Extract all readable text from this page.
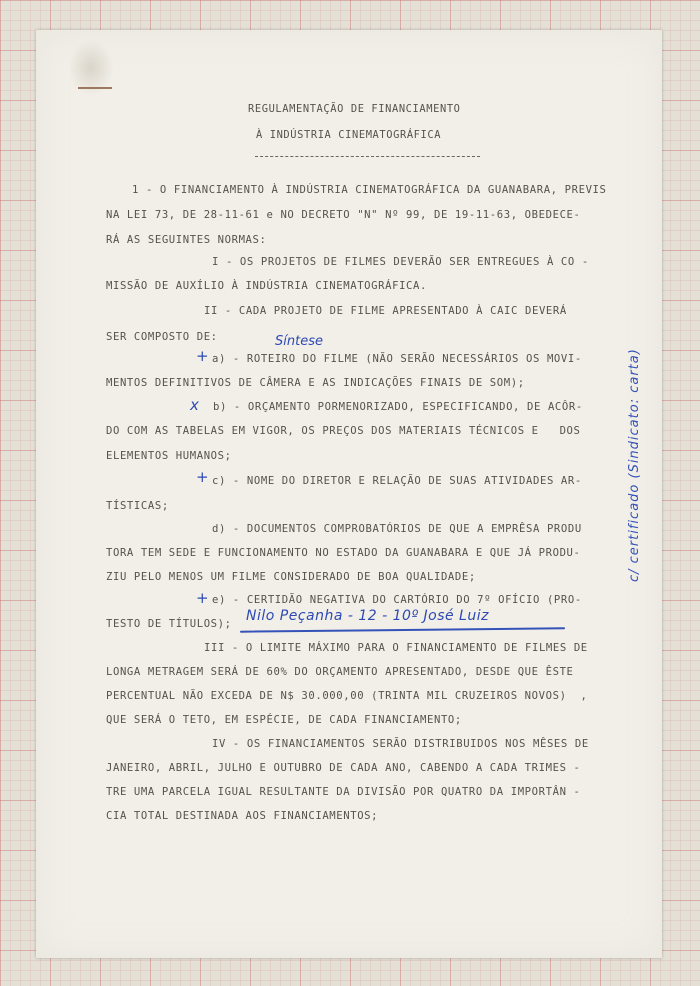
REGULAMENTAÇÃO DE FINANCIAMENTO

À INDÚSTRIA CINEMATOGRÁFICA

1 - O FINANCIAMENTO À INDÚSTRIA CINEMATOGRÁFICA DA GUANABARA, PREVIS

NA LEI 73, DE 28-11-61 e NO DECRETO "N" Nº 99, DE 19-11-63, OBEDECE-

RÁ AS SEGUINTES NORMAS:

I - OS PROJETOS DE FILMES DEVERÃO SER ENTREGUES À CO -

MISSÃO DE AUXÍLIO À INDÚSTRIA CINEMATOGRÁFICA.

II - CADA PROJETO DE FILME APRESENTADO À CAIC DEVERÁ

SER COMPOSTO DE:

a) - ROTEIRO DO FILME (NÃO SERÃO NECESSÁRIOS OS MOVI-

MENTOS DEFINITIVOS DE CÂMERA E AS INDICAÇÕES FINAIS DE SOM);

b) - ORÇAMENTO PORMENORIZADO, ESPECIFICANDO, DE ACÔR-

DO COM AS TABELAS EM VIGOR, OS PREÇOS DOS MATERIAIS TÉCNICOS E   DOS

ELEMENTOS HUMANOS;

c) - NOME DO DIRETOR E RELAÇÃO DE SUAS ATIVIDADES AR-

TÍSTICAS;

d) - DOCUMENTOS COMPROBATÓRIOS DE QUE A EMPRÊSA PRODU

TORA TEM SEDE E FUNCIONAMENTO NO ESTADO DA GUANABARA E QUE JÁ PRODU-

ZIU PELO MENOS UM FILME CONSIDERADO DE BOA QUALIDADE;

e) - CERTIDÃO NEGATIVA DO CARTÓRIO DO 7º OFÍCIO (PRO-

TESTO DE TÍTULOS);

III - O LIMITE MÁXIMO PARA O FINANCIAMENTO DE FILMES DE

LONGA METRAGEM SERÁ DE 60% DO ORÇAMENTO APRESENTADO, DESDE QUE ÊSTE

PERCENTUAL NÃO EXCEDA DE N$ 30.000,00 (TRINTA MIL CRUZEIROS NOVOS)  ,

QUE SERÁ O TETO, EM ESPÉCIE, DE CADA FINANCIAMENTO;

IV - OS FINANCIAMENTOS SERÃO DISTRIBUIDOS NOS MÊSES DE

JANEIRO, ABRIL, JULHO E OUTUBRO DE CADA ANO, CABENDO A CADA TRIMES -

TRE UMA PARCELA IGUAL RESULTANTE DA DIVISÃO POR QUATRO DA IMPORTÂN -

CIA TOTAL DESTINADA AOS FINANCIAMENTOS;

Síntese
+
x
+
+
Nilo Peçanha - 12 - 10º José Luiz
c/ certificado (Sindicato: carta)
